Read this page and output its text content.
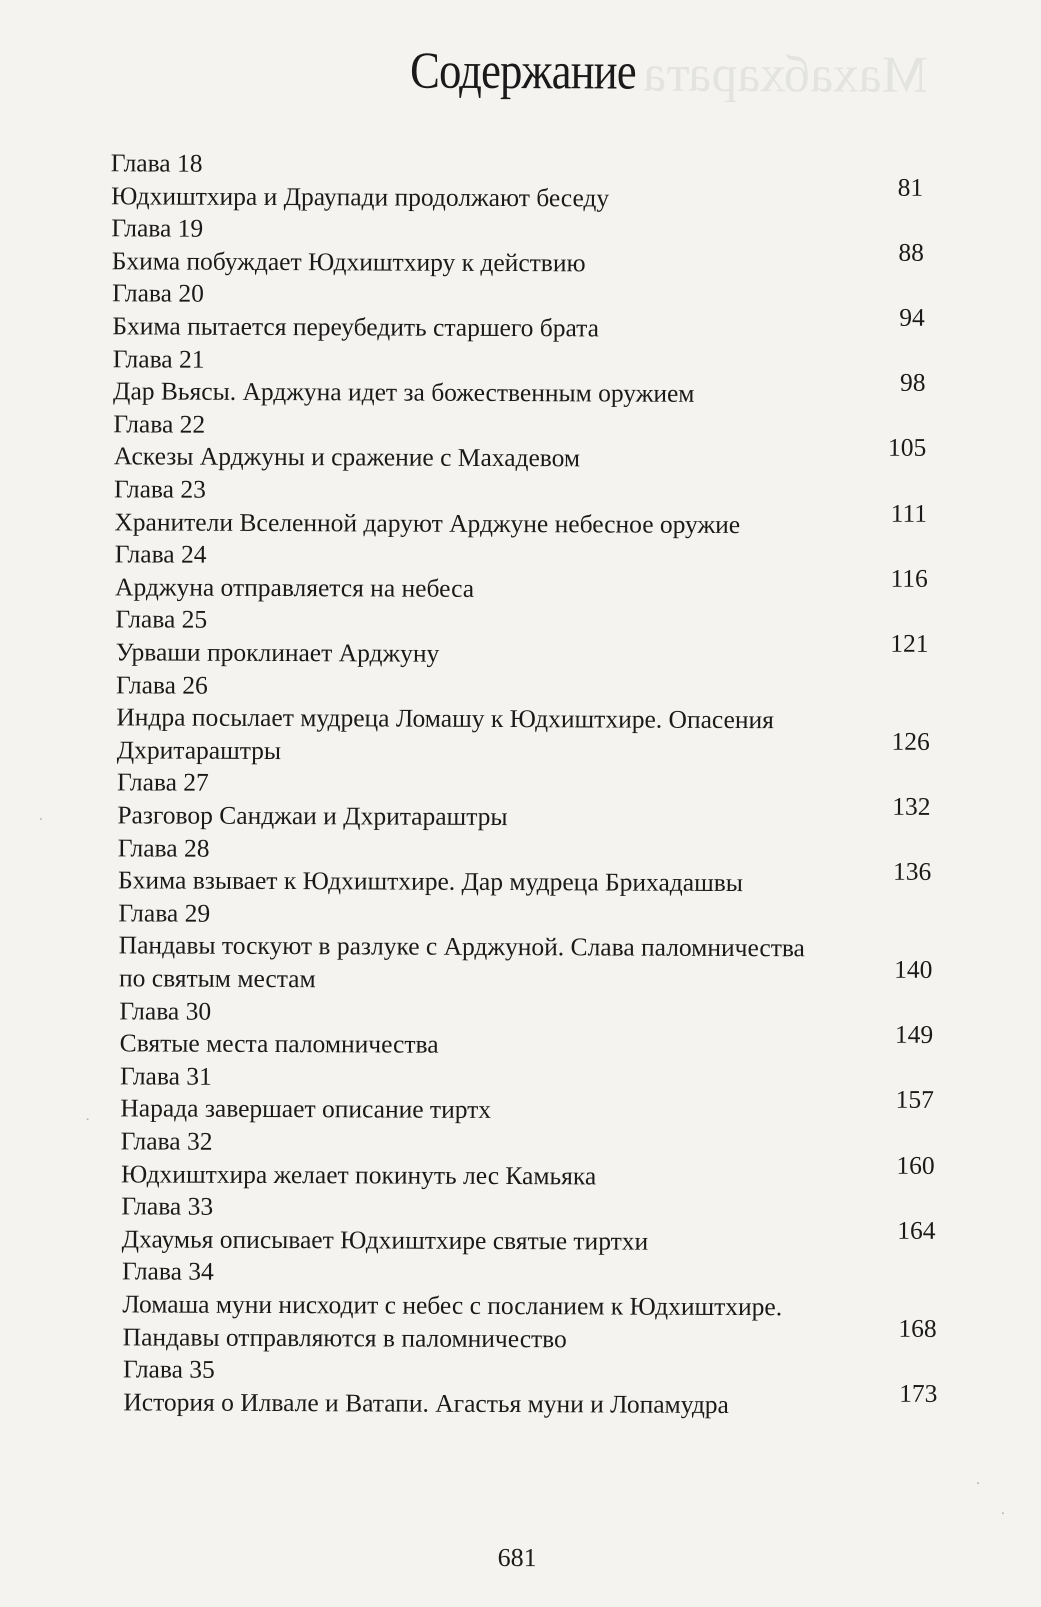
Махабхарата
Содержание
Глава 18
Юдхиштхира и Драупади продолжают беседу	81
Глава 19
Бхима побуждает Юдхиштхиру к действию	88
Глава 20
Бхима пытается переубедить старшего брата	94
Глава 21
Дар Вьясы. Арджуна идет за божественным оружием	98
Глава 22
Аскезы Арджуны и сражение с Махадевом	105
Глава 23
Хранители Вселенной даруют Арджуне небесное оружие	111
Глава 24
Арджуна отправляется на небеса	116
Глава 25
Урваши проклинает Арджуну	121
Глава 26
Индра посылает мудреца Ломашу к Юдхиштхире. Опасения
Дхритараштры	126
Глава 27
Разговор Санджаи и Дхритараштры	132
Глава 28
Бхима взывает к Юдхиштхире. Дар мудреца Брихадашвы	136
Глава 29
Пандавы тоскуют в разлуке с Арджуной. Слава паломничества
по святым местам	140
Глава 30
Святые места паломничества	149
Глава 31
Нарада завершает описание тиртх	157
Глава 32
Юдхиштхира желает покинуть лес Камьяка	160
Глава 33
Дхаумья описывает Юдхиштхире святые тиртхи	164
Глава 34
Ломаша муни нисходит с небес с посланием к Юдхиштхире.
Пандавы отправляются в паломничество	168
Глава 35
История о Илвале и Ватапи. Агастья муни и Лопамудра	173
681
